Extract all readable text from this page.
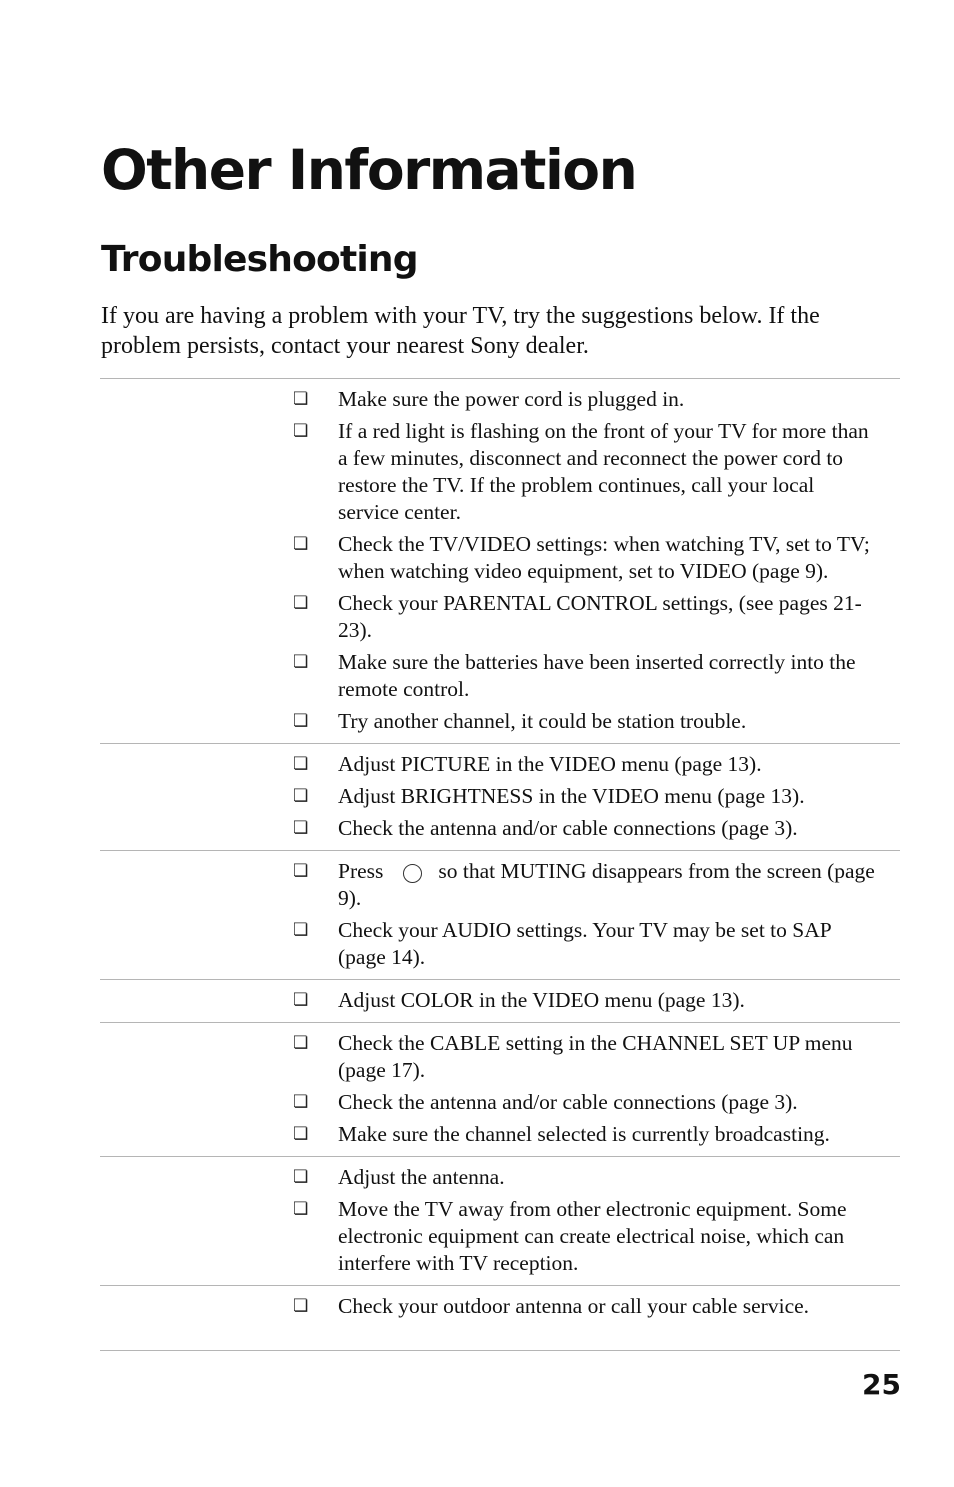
Other Information
Troubleshooting

If you are having a problem with your TV, try the suggestions below. If the problem persists, contact your nearest Sony dealer.

❏ Make sure the power cord is plugged in.
❏ If a red light is flashing on the front of your TV for more than a few minutes, disconnect and reconnect the power cord to restore the TV. If the problem continues, call your local service center.
❏ Check the TV/VIDEO settings: when watching TV, set to TV; when watching video equipment, set to VIDEO (page 9).
❏ Check your PARENTAL CONTROL settings, (see pages 21-23).
❏ Make sure the batteries have been inserted correctly into the remote control.
❏ Try another channel, it could be station trouble.
❏ Adjust PICTURE in the VIDEO menu (page 13).
❏ Adjust BRIGHTNESS in the VIDEO menu (page 13).
❏ Check the antenna and/or cable connections (page 3).
❏ Press	so that MUTING disappears from the screen (page 9).
❏ Check your AUDIO settings. Your TV may be set to SAP (page 14).
❏ Adjust COLOR in the VIDEO menu (page 13).
❏ Check the CABLE setting in the CHANNEL SET UP menu (page 17).
❏ Check the antenna and/or cable connections (page 3).
❏ Make sure the channel selected is currently broadcasting.
❏ Adjust the antenna.
❏ Move the TV away from other electronic equipment. Some electronic equipment can create electrical noise, which can interfere with TV reception.
❏ Check your outdoor antenna or call your cable service.
25
